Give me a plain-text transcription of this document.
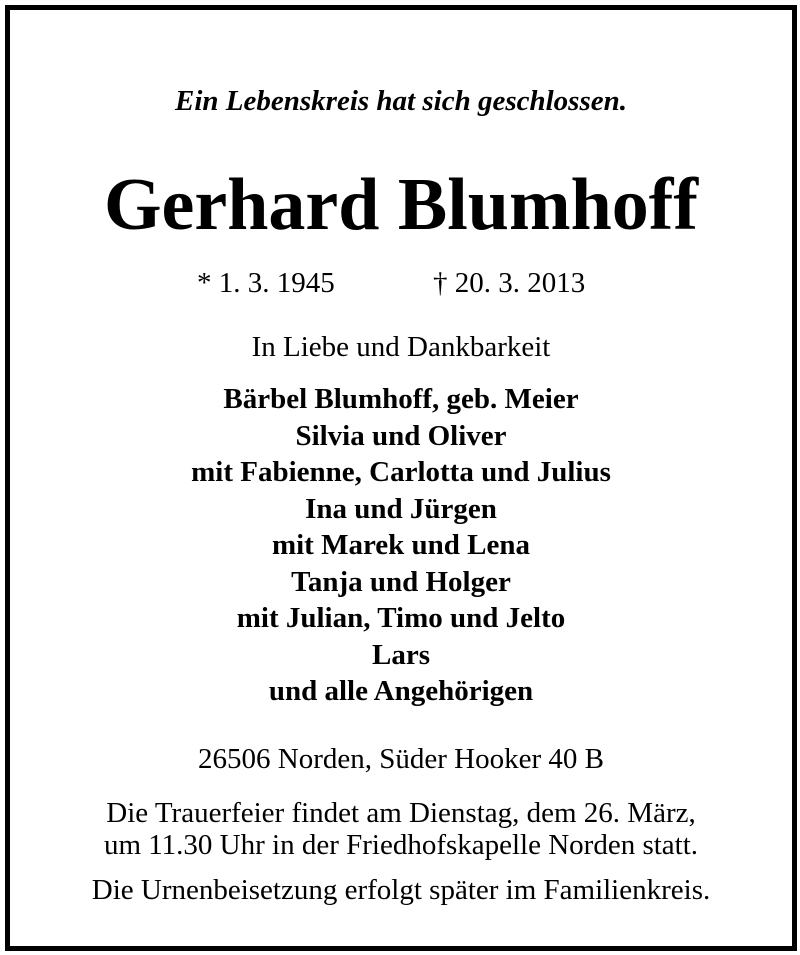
Ein Lebenskreis hat sich geschlossen.
Gerhard Blumhoff
* 1. 3. 1945	† 20. 3. 2013
In Liebe und Dankbarkeit
Bärbel Blumhoff, geb. Meier
Silvia und Oliver
mit Fabienne, Carlotta und Julius
Ina und Jürgen
mit Marek und Lena
Tanja und Holger
mit Julian, Timo und Jelto
Lars
und alle Angehörigen
26506 Norden, Süder Hooker 40 B
Die Trauerfeier findet am Dienstag, dem 26. März,
um 11.30 Uhr in der Friedhofskapelle Norden statt.
Die Urnenbeisetzung erfolgt später im Familienkreis.
